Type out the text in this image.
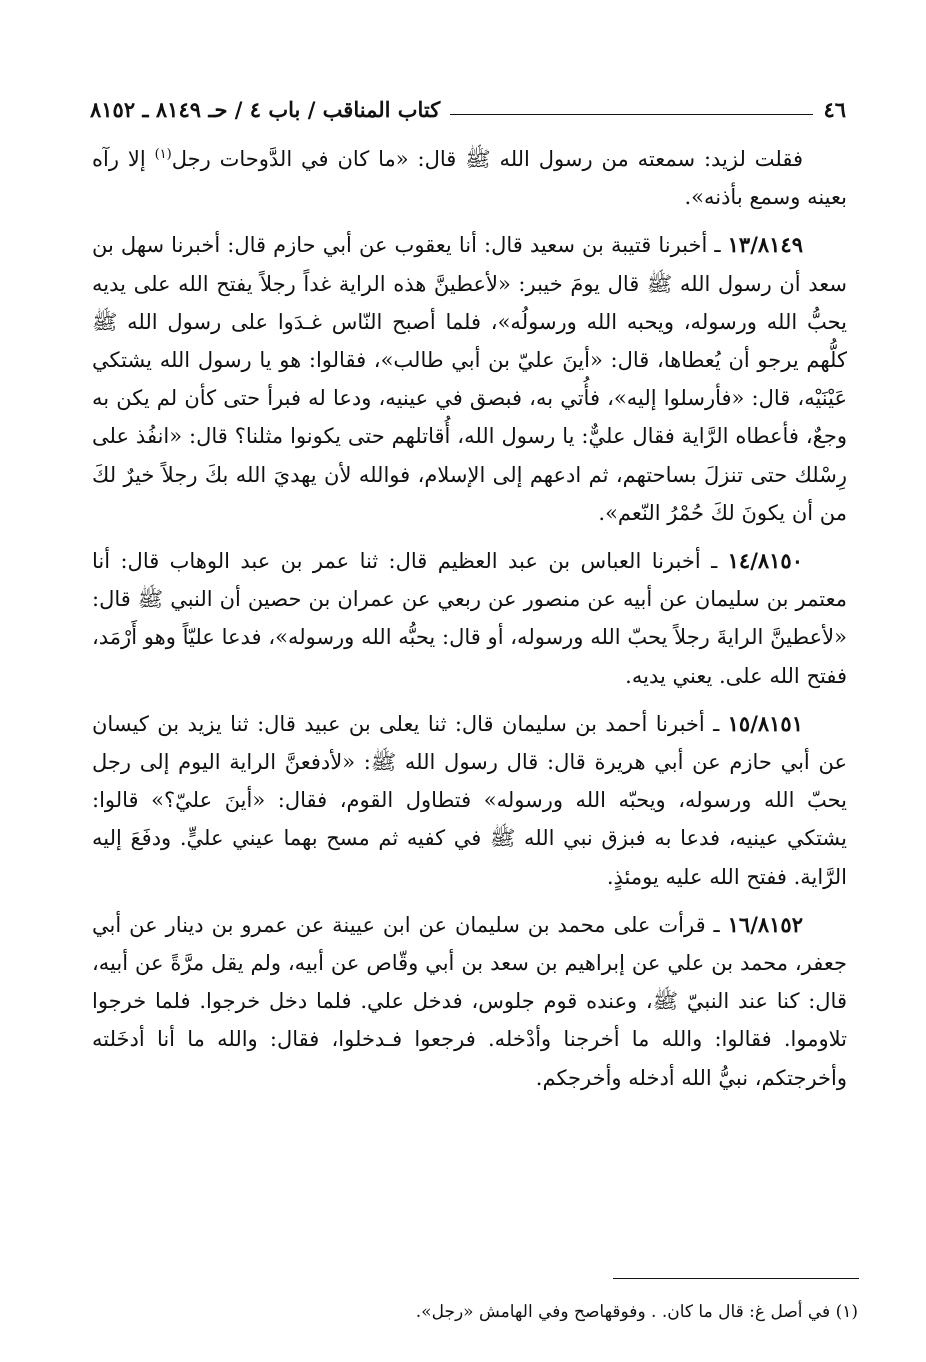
٤٦
كتاب المناقب / باب ٤ / حـ ٨١٤٩ ـ ٨١٥٢

فقلت لزيد: سمعته من رسول الله ﷺ قال: «ما كان في الدَّوحات رجل$^{(١)}$ إلا رآه بعينه وسمع بأذنه».

١٣/٨١٤٩ ـ أخبرنا قتيبة بن سعيد قال: أنا يعقوب عن أبي حازم قال: أخبرنا سهل بن سعد أن رسول الله ﷺ قال يومَ خيبر: «لأعطينَّ هذه الراية غداً رجلاً يفتح الله على يديه يحبُّ الله ورسوله، ويحبه الله ورسولُه»، فلما أصبح النّاس غـدَوا على رسول الله ﷺ كلُّهم يرجو أن يُعطاها، قال: «أينَ عليّ بن أبي طالب»، فقالوا: هو يا رسول الله يشتكي عَيْنَيْه، قال: «فأرسلوا إليه»، فأُتي به، فبصق في عينيه، ودعا له فبرأ حتى كأن لم يكن به وجعٌ، فأعطاه الرَّاية فقال عليٌّ: يا رسول الله، أُقاتلهم حتى يكونوا مثلنا؟ قال: «انفُذ على رِسْلك حتى تنزلَ بساحتهم، ثم ادعهم إلى الإسلام، فوالله لأن يهديَ الله بكَ رجلاً خيرٌ لكَ من أن يكونَ لكَ حُمْرُ النّعم».

١٤/٨١٥٠ ـ أخبرنا العباس بن عبد العظيم قال: ثنا عمر بن عبد الوهاب قال: أنا معتمر بن سليمان عن أبيه عن منصور عن ربعي عن عمران بن حصين أن النبي ﷺ قال: «لأعطينَّ الرايةَ رجلاً يحبّ الله ورسوله، أو قال: يحبُّه الله ورسوله»، فدعا عليّاً وهو أَرْمَد، ففتح الله على. يعني يديه.

١٥/٨١٥١ ـ أخبرنا أحمد بن سليمان قال: ثنا يعلى بن عبيد قال: ثنا يزيد بن كيسان عن أبي حازم عن أبي هريرة قال: قال رسول الله ﷺ: «لأدفعنَّ الراية اليوم إلى رجل يحبّ الله ورسوله، ويحبّه الله ورسوله» فتطاول القوم، فقال: «أينَ عليّ؟» قالوا: يشتكي عينيه، فدعا به فبزق نبي الله ﷺ في كفيه ثم مسح بهما عيني عليٍّ. ودفَعَ إليه الرَّاية. ففتح الله عليه يومئذٍ.

١٦/٨١٥٢ ـ قرأت على محمد بن سليمان عن ابن عيينة عن عمرو بن دينار عن أبي جعفر، محمد بن علي عن إبراهيم بن سعد بن أبي وقّاص عن أبيه، ولم يقل مرَّةً عن أبيه، قال: كنا عند النبيّ ﷺ، وعنده قوم جلوس، فدخل علي. فلما دخل خرجوا. فلما خرجوا تلاوموا. فقالوا: والله ما أخرجنا وأدْخله. فرجعوا فـدخلوا، فقال: والله ما أنا أدخَلته وأخرجتكم، نبيُّ الله أدخله وأخرجكم.

(١) في أصل غ: قال ما كان. . وفوقهاصح وفي الهامش «رجل».
